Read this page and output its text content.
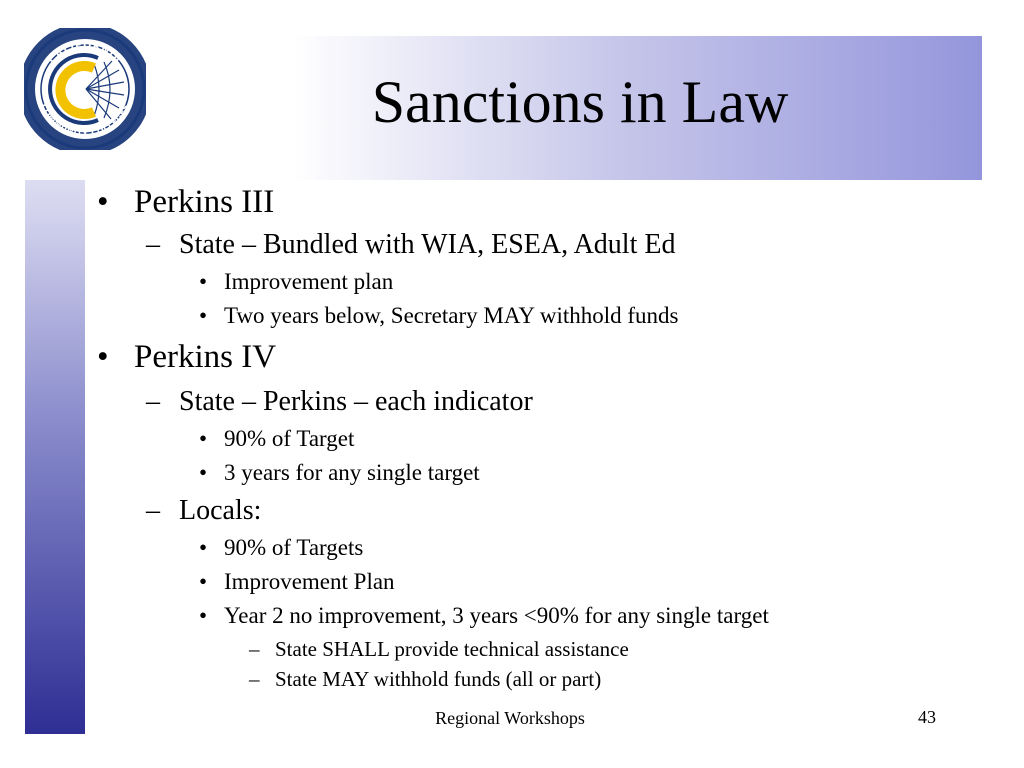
CALIFORNIA
COMMUNITY COLLEGES	Sanctions in Law
• Perkins III
– State – Bundled with WIA, ESEA, Adult Ed
• Improvement plan
• Two years below, Secretary MAY withhold funds
• Perkins IV
– State – Perkins – each indicator
• 90% of Target
• 3 years for any single target
– Locals:
• 90% of Targets
• Improvement Plan
• Year 2 no improvement, 3 years <90% for any single target
– State SHALL provide technical assistance
– State MAY withhold funds (all or part)
Regional Workshops	43
